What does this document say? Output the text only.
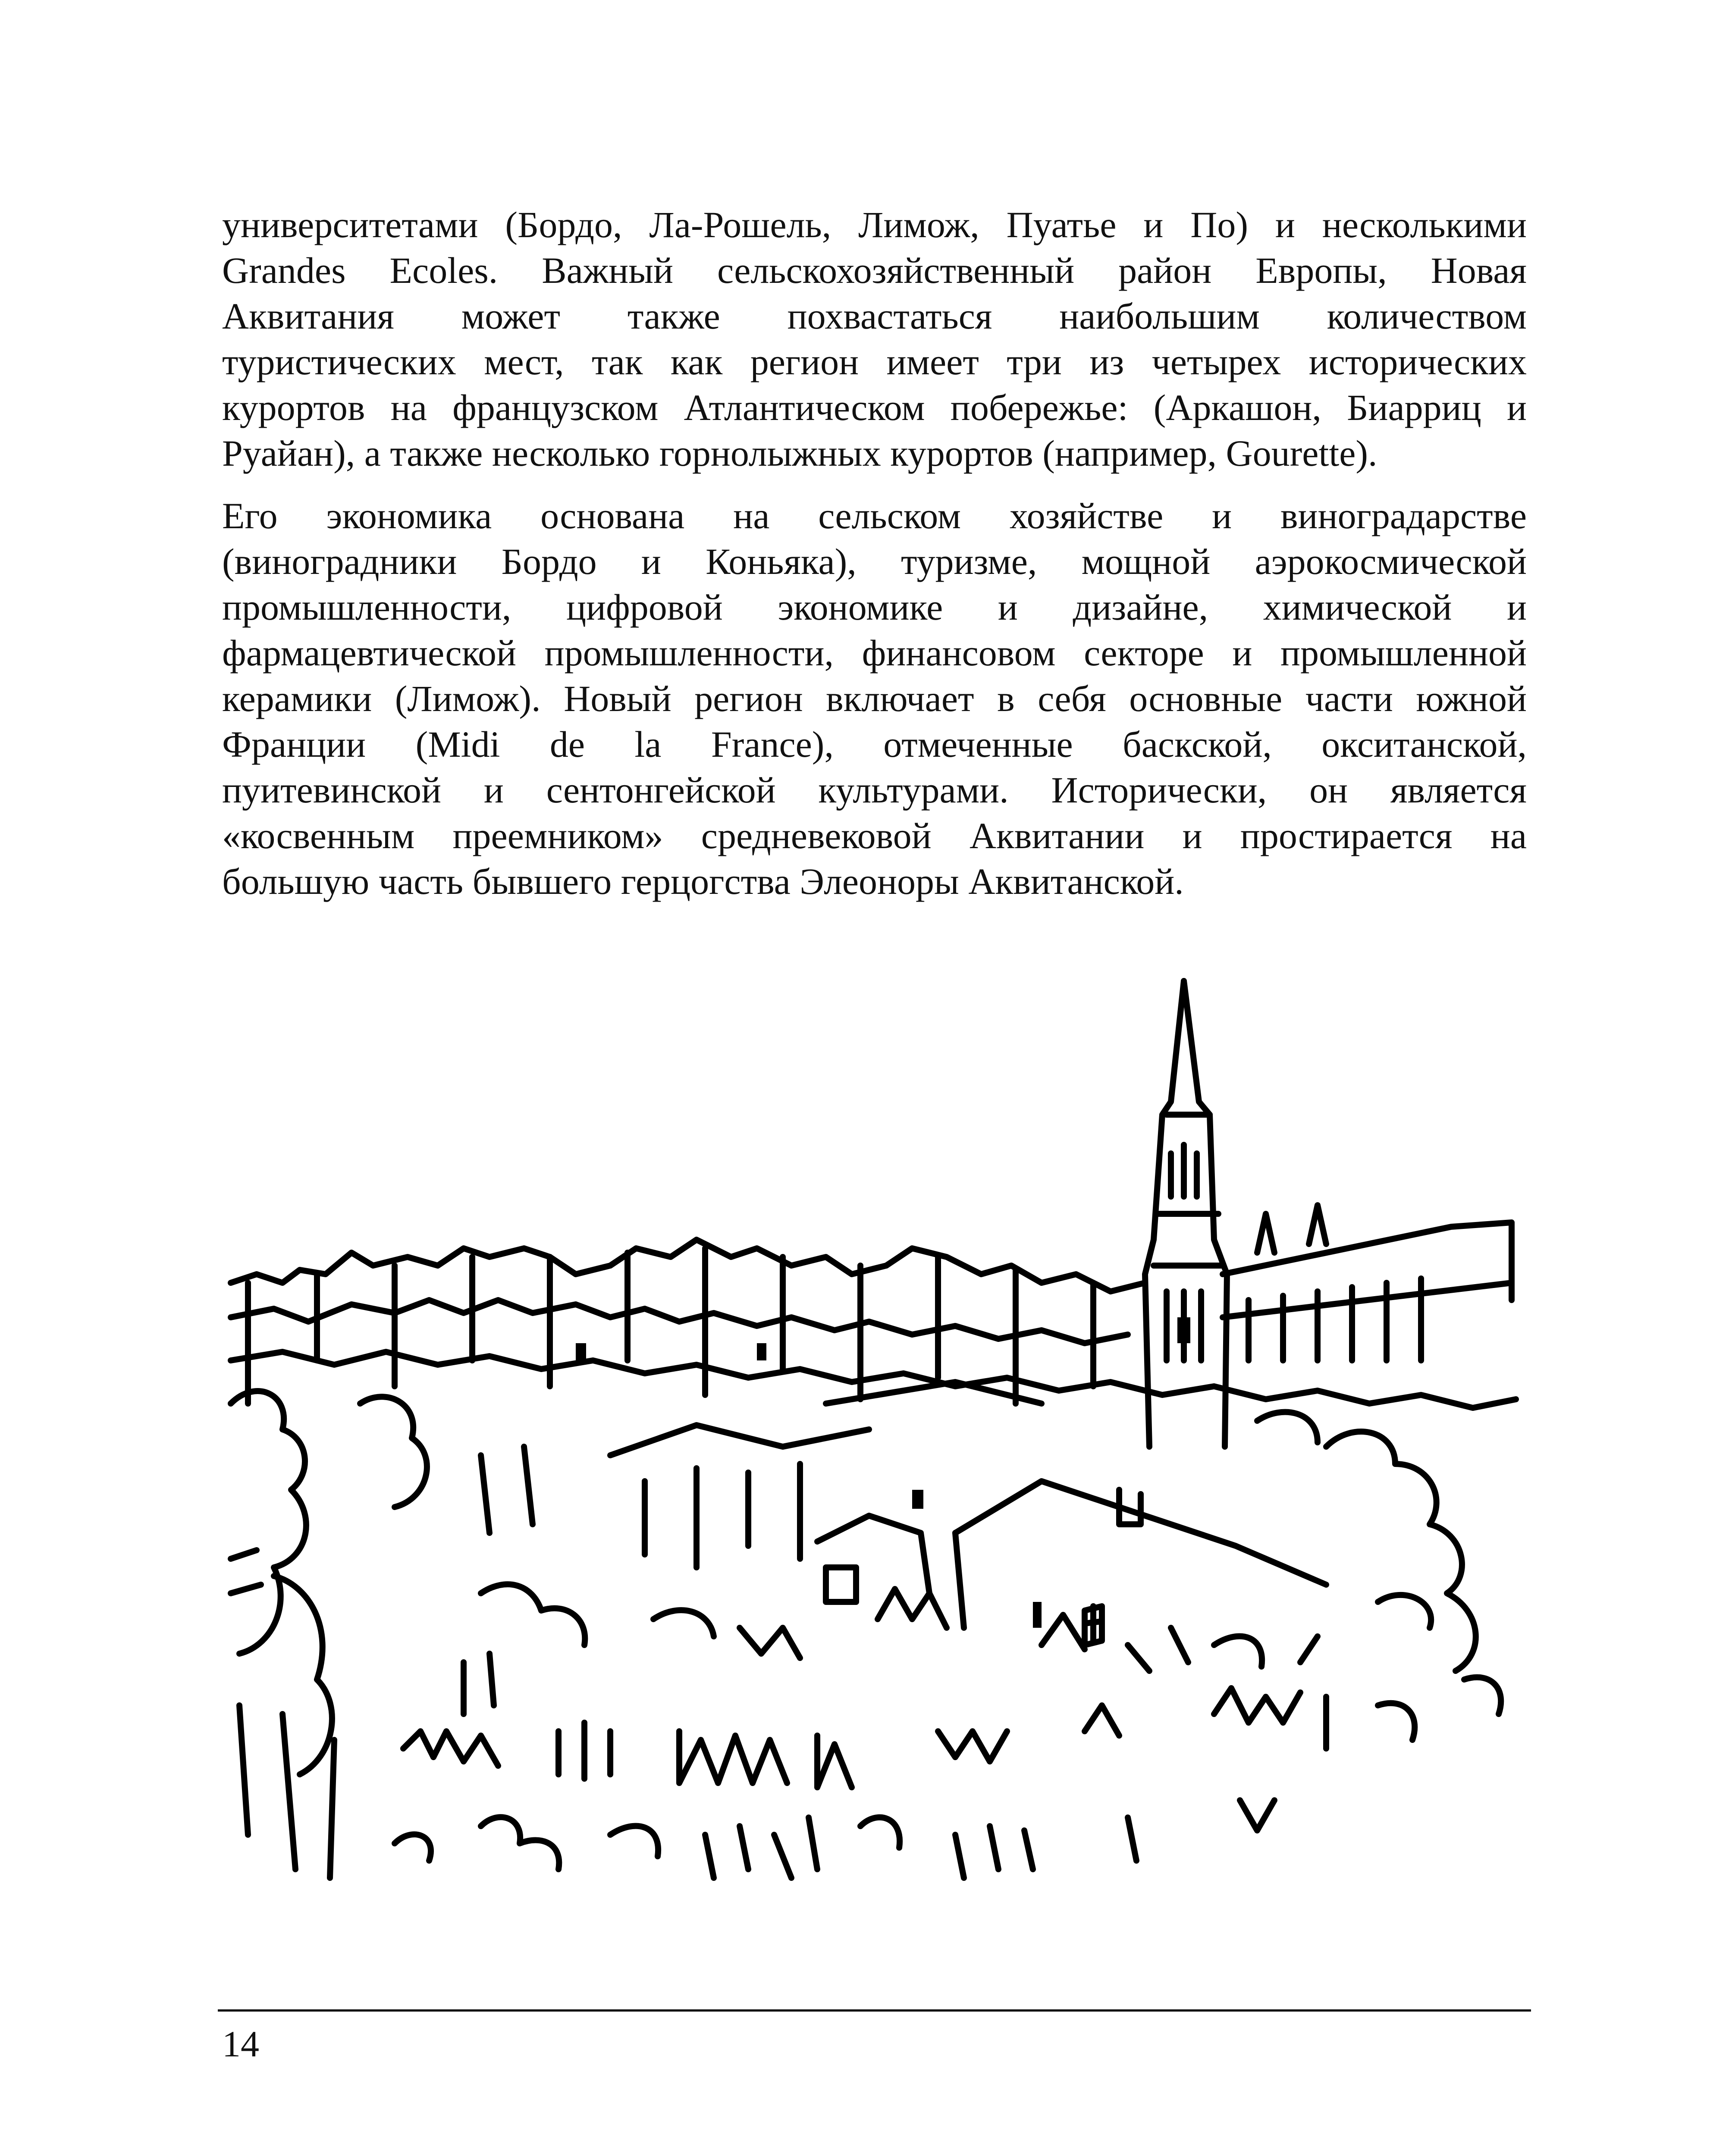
университетами (Бордо, Ла-Рошель, Лимож, Пуатье и По) и несколькими
Grandes Ecoles. Важный сельскохозяйственный район Европы, Новая
Аквитания может также похвастаться наибольшим количеством
туристических мест, так как регион имеет три из четырех исторических
курортов на французском Атлантическом побережье: (Аркашон, Биарриц и
Руайан), а также несколько горнолыжных курортов (например, Gourette).
Его экономика основана на сельском хозяйстве и виноградарстве
(виноградники Бордо и Коньяка), туризме, мощной аэрокосмической
промышленности, цифровой экономике и дизайне, химической и
фармацевтической промышленности, финансовом секторе и промышленной
керамики (Лимож). Новый регион включает в себя основные части южной
Франции (Midi de la France), отмеченные баскской, окситанской,
пуитевинской и сентонгейской культурами. Исторически, он является
«косвенным преемником» средневековой Аквитании и простирается на
большую часть бывшего герцогства Элеоноры Аквитанской.
14
